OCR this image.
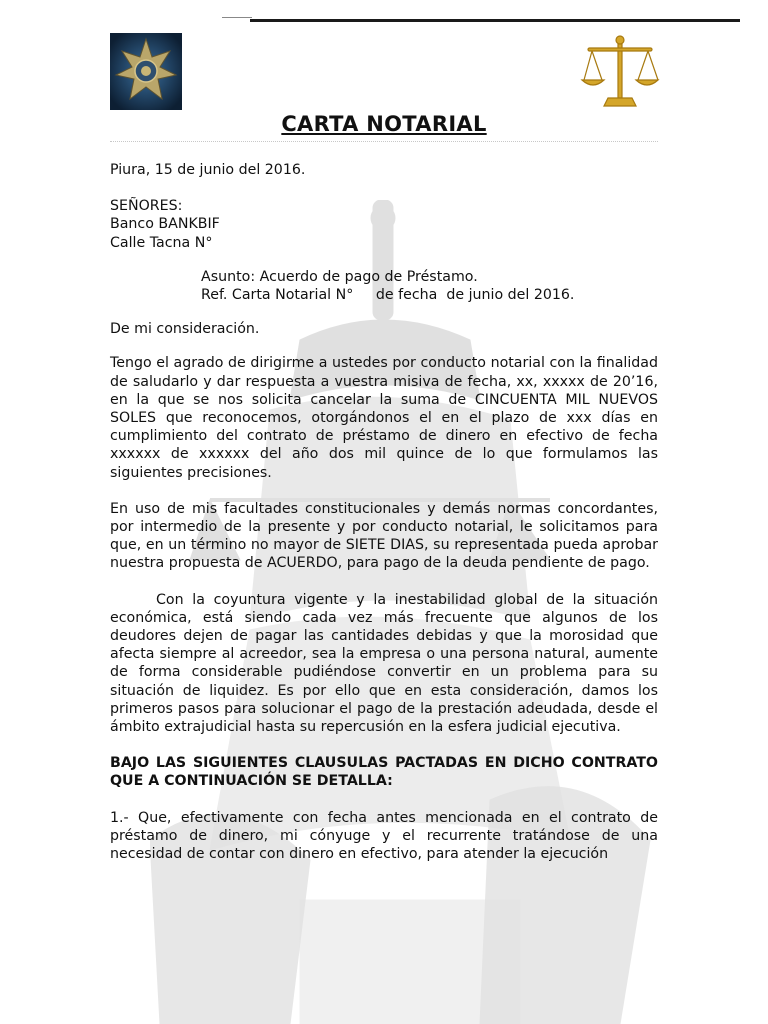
CARTA NOTARIAL

Piura, 15 de junio del 2016.

SEÑORES:

Banco BANKBIF

Calle Tacna N°

Asunto: Acuerdo de pago de Préstamo.

Ref. Carta Notarial N°     de fecha  de junio del 2016.

De mi consideración.

Tengo el agrado de dirigirme a ustedes por conducto notarial con la finalidad de saludarlo y dar respuesta a vuestra misiva de fecha, xx, xxxxx de 20’16, en la que se nos solicita cancelar la suma de CINCUENTA MIL NUEVOS SOLES que reconocemos, otorgándonos el en el plazo de xxx días en cumplimiento del contrato de préstamo de dinero en efectivo de fecha xxxxxx de xxxxxx del año dos mil quince de lo que formulamos las siguientes precisiones.

En uso de mis facultades constitucionales y demás normas concordantes, por intermedio de la presente y por conducto notarial, le solicitamos para que, en un término no mayor de SIETE DIAS, su representada pueda aprobar nuestra propuesta de ACUERDO, para pago de la deuda pendiente de pago.

Con la coyuntura vigente y la inestabilidad global de la situación económica, está siendo cada vez más frecuente que algunos de los deudores dejen de pagar las cantidades debidas y que la morosidad que afecta siempre al acreedor, sea la empresa o una persona natural, aumente de forma considerable pudiéndose convertir en un problema para su situación de liquidez. Es por ello que en esta consideración, damos los primeros pasos para solucionar el pago de la prestación adeudada, desde el ámbito extrajudicial hasta su repercusión en la esfera judicial ejecutiva.

BAJO LAS SIGUIENTES CLAUSULAS PACTADAS EN DICHO CONTRATO QUE A CONTINUACIÓN SE DETALLA:

1.- Que, efectivamente con fecha antes mencionada en el contrato de préstamo de dinero, mi cónyuge y el recurrente tratándose de una necesidad de contar con dinero en efectivo, para atender la ejecución
